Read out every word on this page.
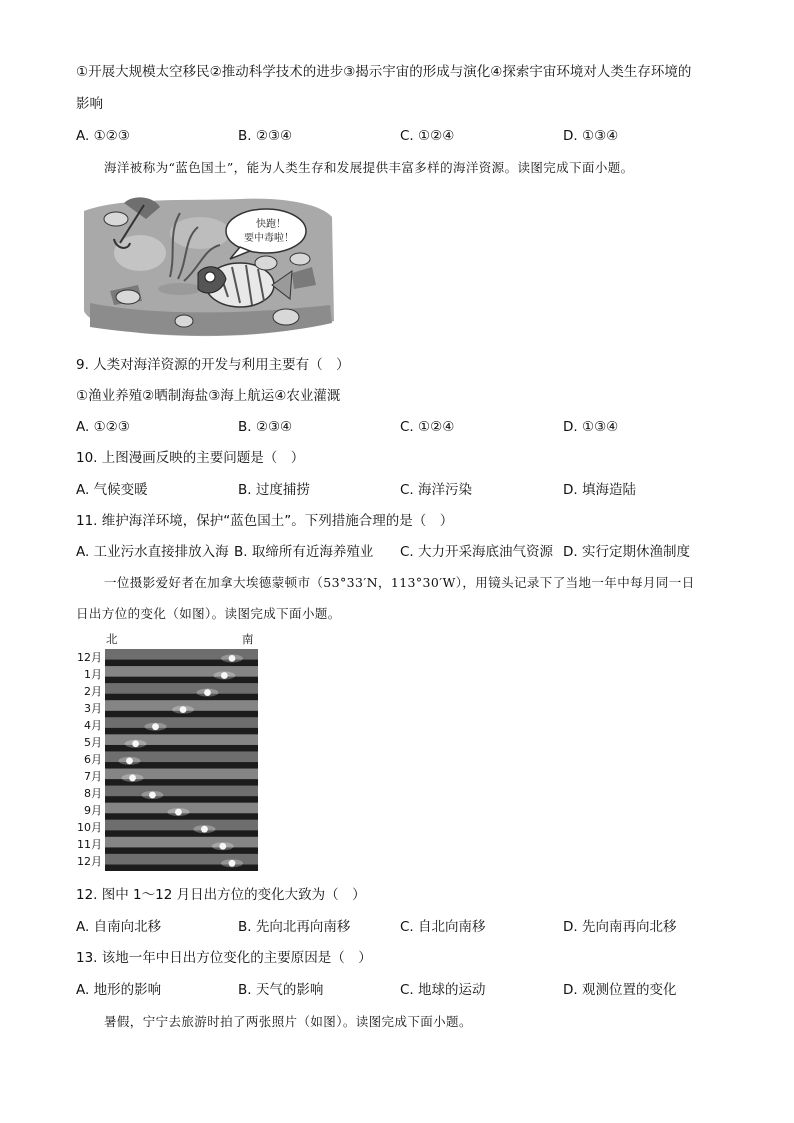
①开展大规模太空移民②推动科学技术的进步③揭示宇宙的形成与演化④探索宇宙环境对人类生存环境的
影响
A. ①②③	B. ②③④	C. ①②④	D. ①③④
海洋被称为“蓝色国土”，能为人类生存和发展提供丰富多样的海洋资源。读图完成下面小题。
快跑！
要中毒啦！
9. 人类对海洋资源的开发与利用主要有（　）
①渔业养殖②晒制海盐③海上航运④农业灌溉
A. ①②③	B. ②③④	C. ①②④	D. ①③④
10. 上图漫画反映的主要问题是（　）
A. 气候变暖	B. 过度捕捞	C. 海洋污染	D. 填海造陆
11. 维护海洋环境，保护“蓝色国土”。下列措施合理的是（　）
A. 工业污水直接排放入海 B. 取缔所有近海养殖业 C. 大力开采海底油气资源 D. 实行定期休渔制度
一位摄影爱好者在加拿大埃德蒙顿市（53°33′N，113°30′W），用镜头记录下了当地一年中每月同一日
日出方位的变化（如图）。读图完成下面小题。
北	南
12月
1月
2月
3月
4月
5月
6月
7月
8月
9月
10月
11月
12月
12. 图中 1～12 月日出方位的变化大致为（　）
A. 自南向北移	B. 先向北再向南移	C. 自北向南移	D. 先向南再向北移
13. 该地一年中日出方位变化的主要原因是（　）
A. 地形的影响	B. 天气的影响	C. 地球的运动	D. 观测位置的变化
暑假，宁宁去旅游时拍了两张照片（如图）。读图完成下面小题。
